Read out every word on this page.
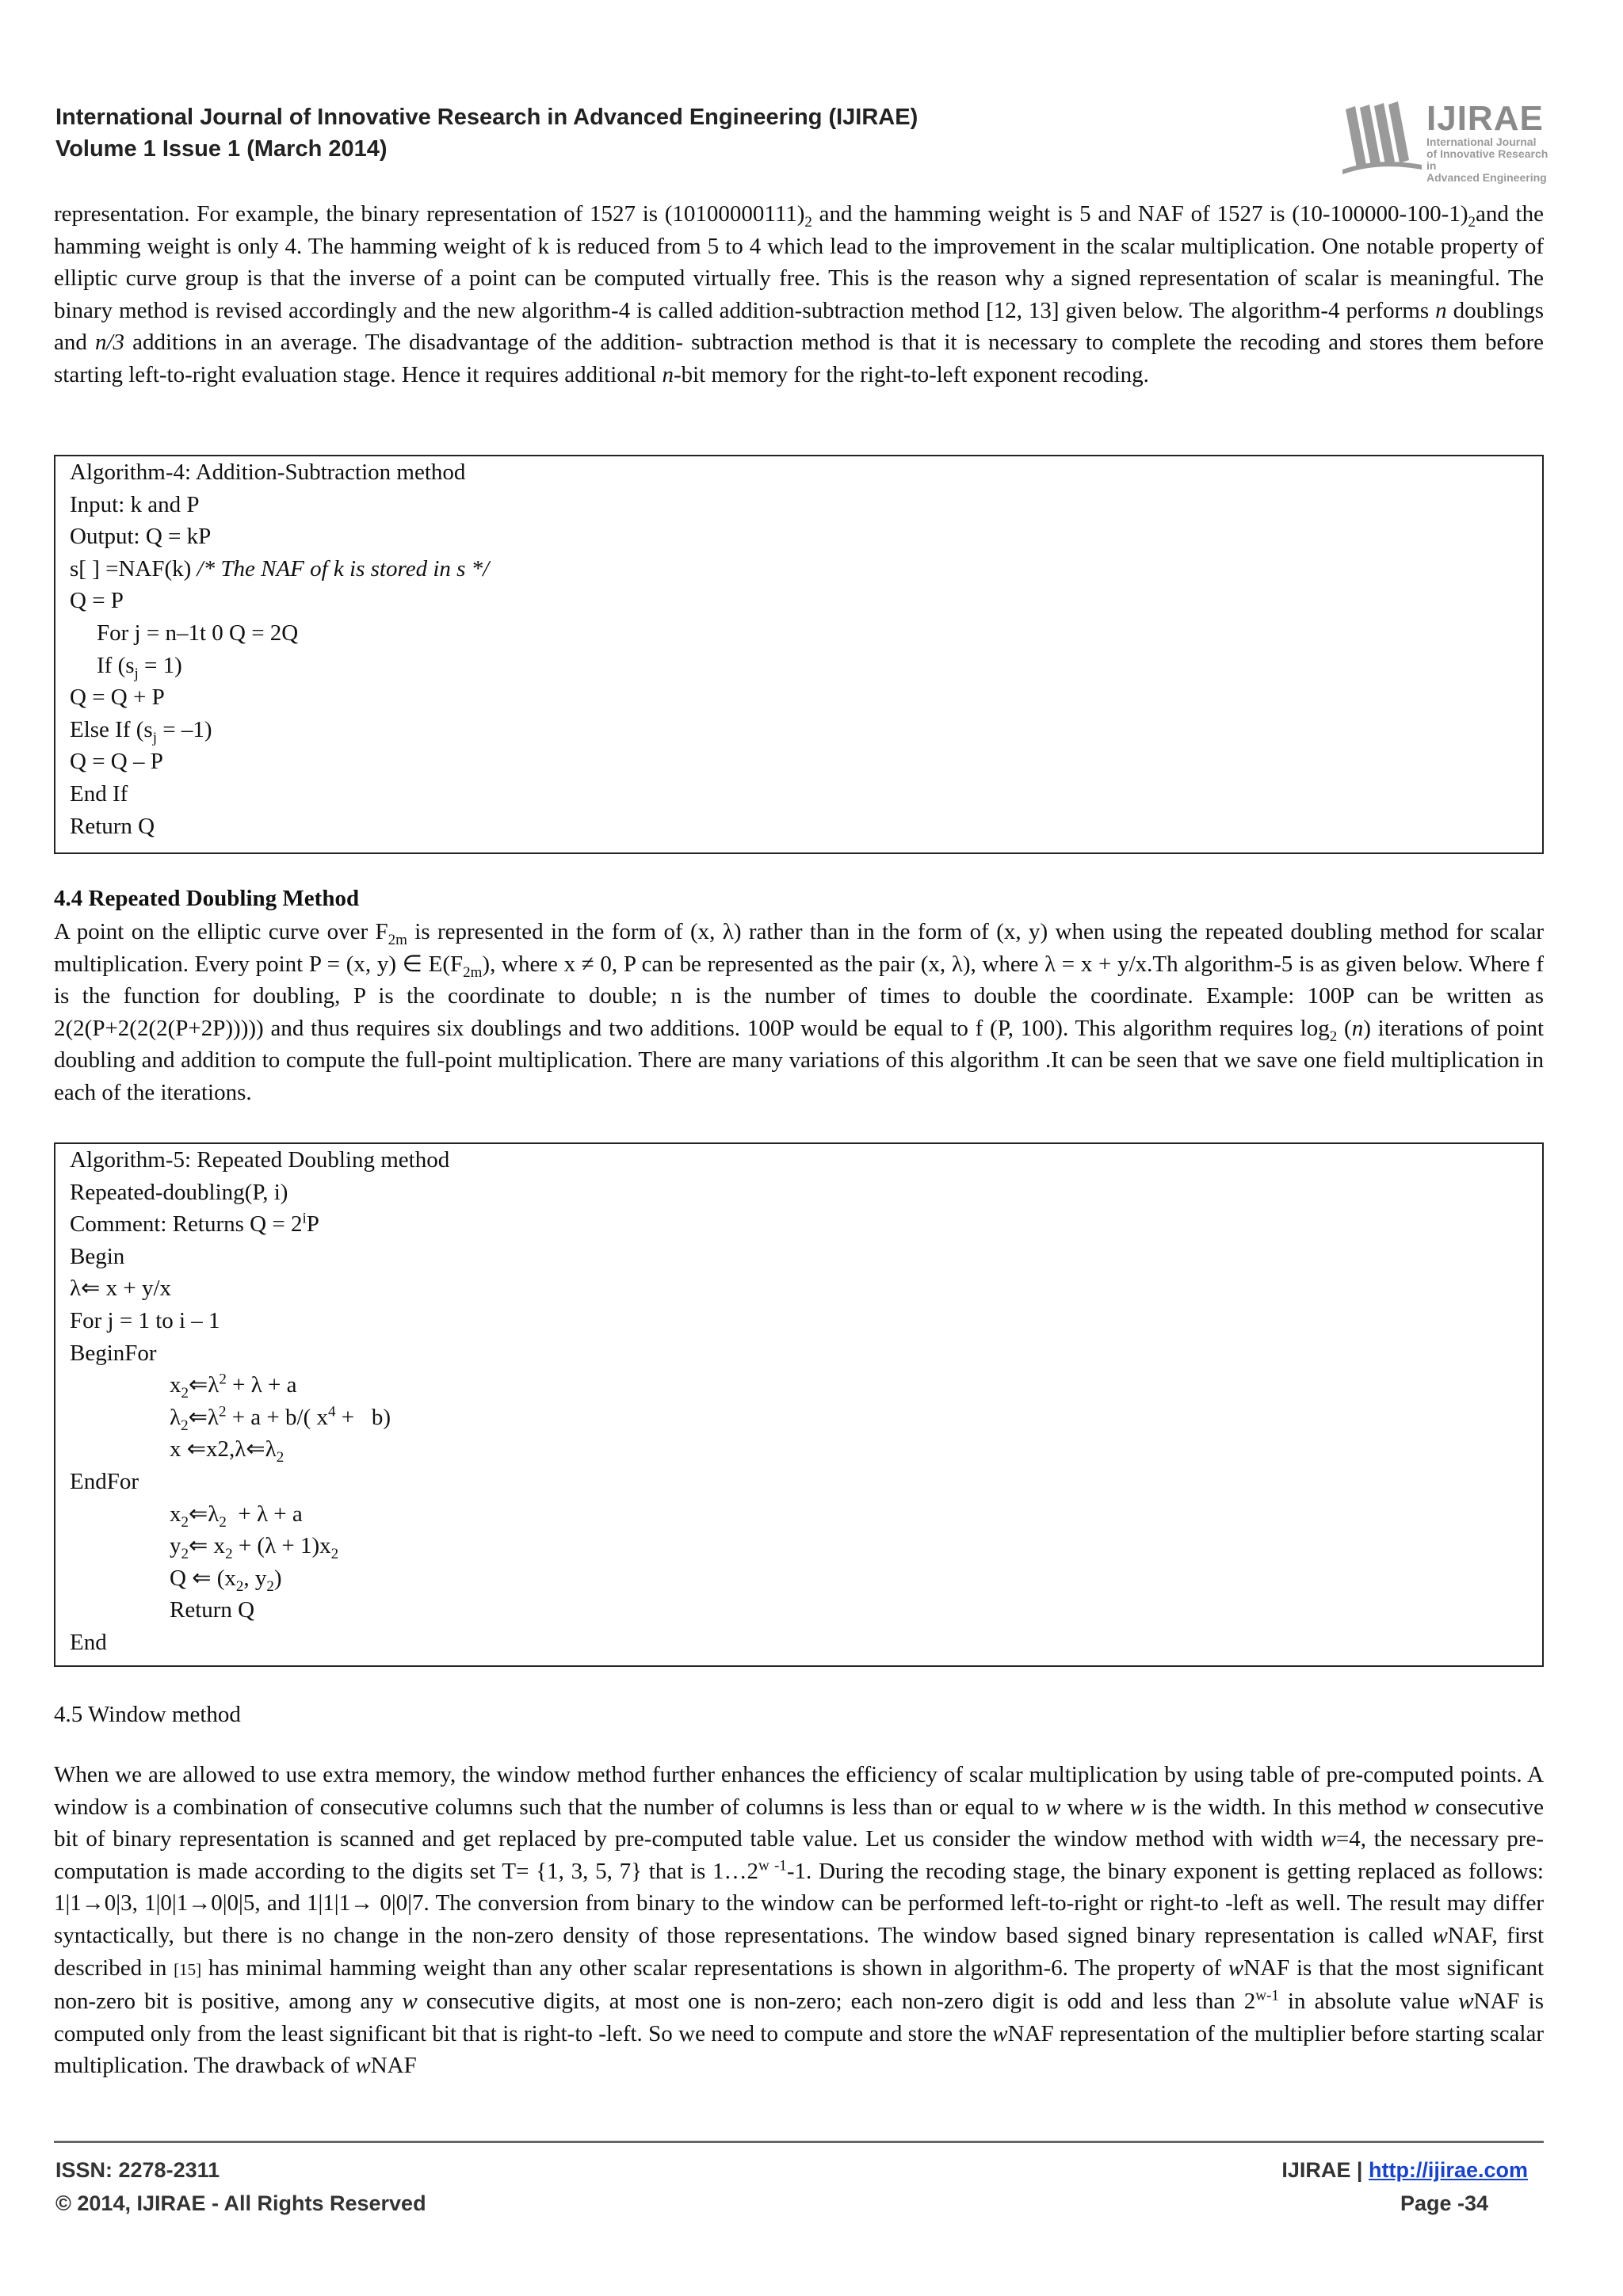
International Journal of Innovative Research in Advanced Engineering (IJIRAE)
Volume 1 Issue 1 (March 2014)
IJIRAE
International Journal
of Innovative Research in
Advanced Engineering

representation. For example, the binary representation of 1527 is $(10100000111)_2$ and the hamming weight is 5 and NAF of 1527 is $(10-100000-100-1)_2and$ the hamming weight is only 4. The hamming weight of k is reduced from 5 to 4 which lead to the improvement in the scalar multiplication. One notable property of elliptic curve group is that the inverse of a point can be computed virtually free. This is the reason why a signed representation of scalar is meaningful. The binary method is revised accordingly and the new algorithm-4 is called addition-subtraction method [12, 13] given below. The algorithm-4 performs n doublings and n/3 additions in an average. The disadvantage of the addition- subtraction method is that it is necessary to complete the recoding and stores them before starting left-to-right evaluation stage. Hence it requires additional n-bit memory for the right-to-left exponent recoding.

Algorithm-4: Addition-Subtraction method
Input: k and P
Output: Q = kP
s[ ] =NAF(k) /* The NAF of k is stored in s */
Q = P
For j = n–1t 0 Q = 2Q
If $(s_j = 1)$
Q = Q + P
Else If $(s_j = -1)$
Q = Q – P
End If
Return Q
4.4 Repeated Doubling Method

A point on the elliptic curve over $F_{2m}$ is represented in the form of (x, λ) rather than in the form of (x, y) when using the repeated doubling method for scalar multiplication. Every point P = (x, y) ∈ $E(F_{2m})$, where x ≠ 0, P can be represented as the pair (x, λ), where λ = x + y/x.Th algorithm-5 is as given below. Where f is the function for doubling, P is the coordinate to double; n is the number of times to double the coordinate. Example: 100P can be written as 2(2(P+2(2(2(P+2P))))) and thus requires six doublings and two additions. 100P would be equal to f (P, 100). This algorithm requires $\log_2 (n)$ iterations of point doubling and addition to compute the full-point multiplication. There are many variations of this algorithm .It can be seen that we save one field multiplication in each of the iterations.

Algorithm-5: Repeated Doubling method
Repeated-doubling(P, i)
Comment: Returns $Q = 2^iP$
Begin
λ⇐ x + y/x
For j = 1 to i – 1
BeginFor
$x_2⇐\lambda^2 + \lambda + a$
$\lambda_2⇐\lambda^2 + a + b/$( $x^4 + b$)
x $⇐x2,\lambda⇐\lambda_2$
EndFor
$x_2⇐\lambda_2 + \lambda + a$
$y_2⇐$ $x_2 + (\lambda + 1)x_2$
Q ⇐ ($x_2$, $y_2$)
Return Q
End
4.5 Window method

When we are allowed to use extra memory, the window method further enhances the efficiency of scalar multiplication by using table of pre-computed points. A window is a combination of consecutive columns such that the number of columns is less than or equal to w where w is the width. In this method w consecutive bit of binary representation is scanned and get replaced by pre-computed table value. Let us consider the window method with width w=4, the necessary pre-computation is made according to the digits set T= {1, 3, 5, 7} that is 1…2$^{w -1}$-1. During the recoding stage, the binary exponent is getting replaced as follows: 1|1→0|3, 1|0|1→0|0|5, and 1|1|1→ 0|0|7. The conversion from binary to the window can be performed left-to-right or right-to -left as well. The result may differ syntactically, but there is no change in the non-zero density of those representations. The window based signed binary representation is called wNAF, first described in [15] has minimal hamming weight than any other scalar representations is shown in algorithm-6. The property of wNAF is that the most significant non-zero bit is positive, among any w consecutive digits, at most one is non-zero; each non-zero digit is odd and less than 2$^{w-1}$ in absolute value wNAF is computed only from the least significant bit that is right-to -left. So we need to compute and store the wNAF representation of the multiplier before starting scalar multiplication. The drawback of wNAF

ISSN: 2278-2311
© 2014, IJIRAE - All Rights Reserved
IJIRAE | http://ijirae.com
Page -34
